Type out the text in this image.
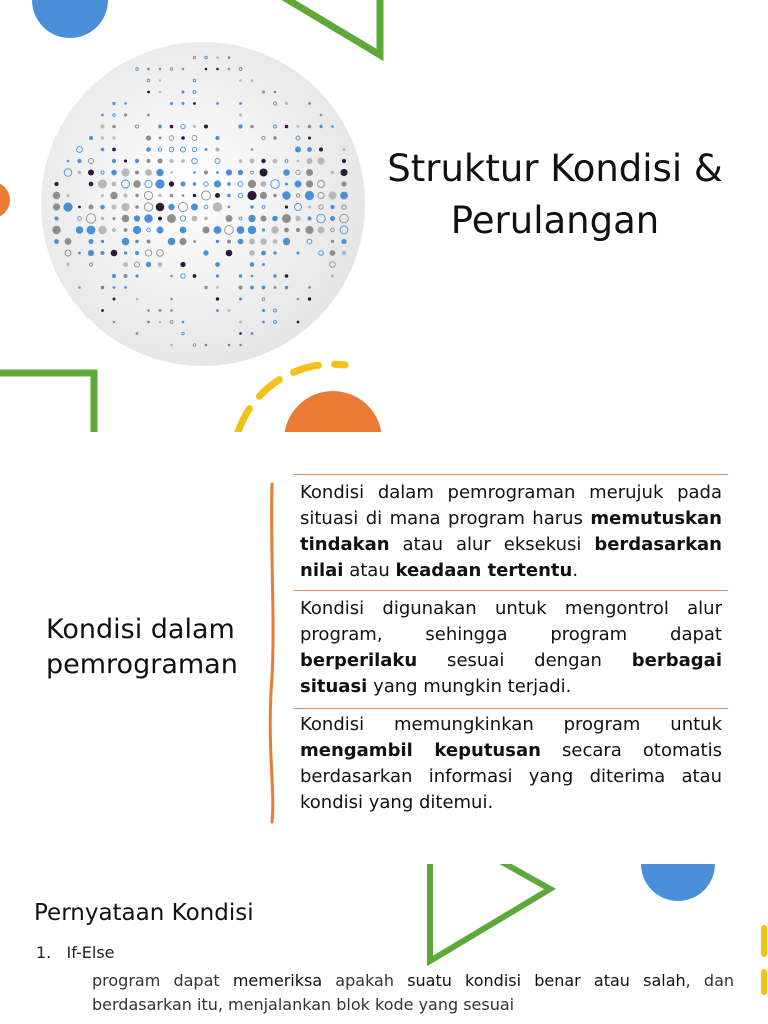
Struktur Kondisi &
Perulangan
Kondisi dalam
pemrograman
Kondisi dalam pemrograman merujuk pada situasi di mana program harus memutuskan tindakan atau alur eksekusi berdasarkan nilai atau keadaan tertentu.
Kondisi digunakan untuk mengontrol alur program, sehingga program dapat berperilaku sesuai dengan berbagai situasi yang mungkin terjadi.
Kondisi memungkinkan program untuk mengambil keputusan secara otomatis berdasarkan informasi yang diterima atau kondisi yang ditemui.
Pernyataan Kondisi
1. If-Else
program dapat memeriksa apakah suatu kondisi benar atau salah, dan berdasarkan itu, menjalankan blok kode yang sesuai
